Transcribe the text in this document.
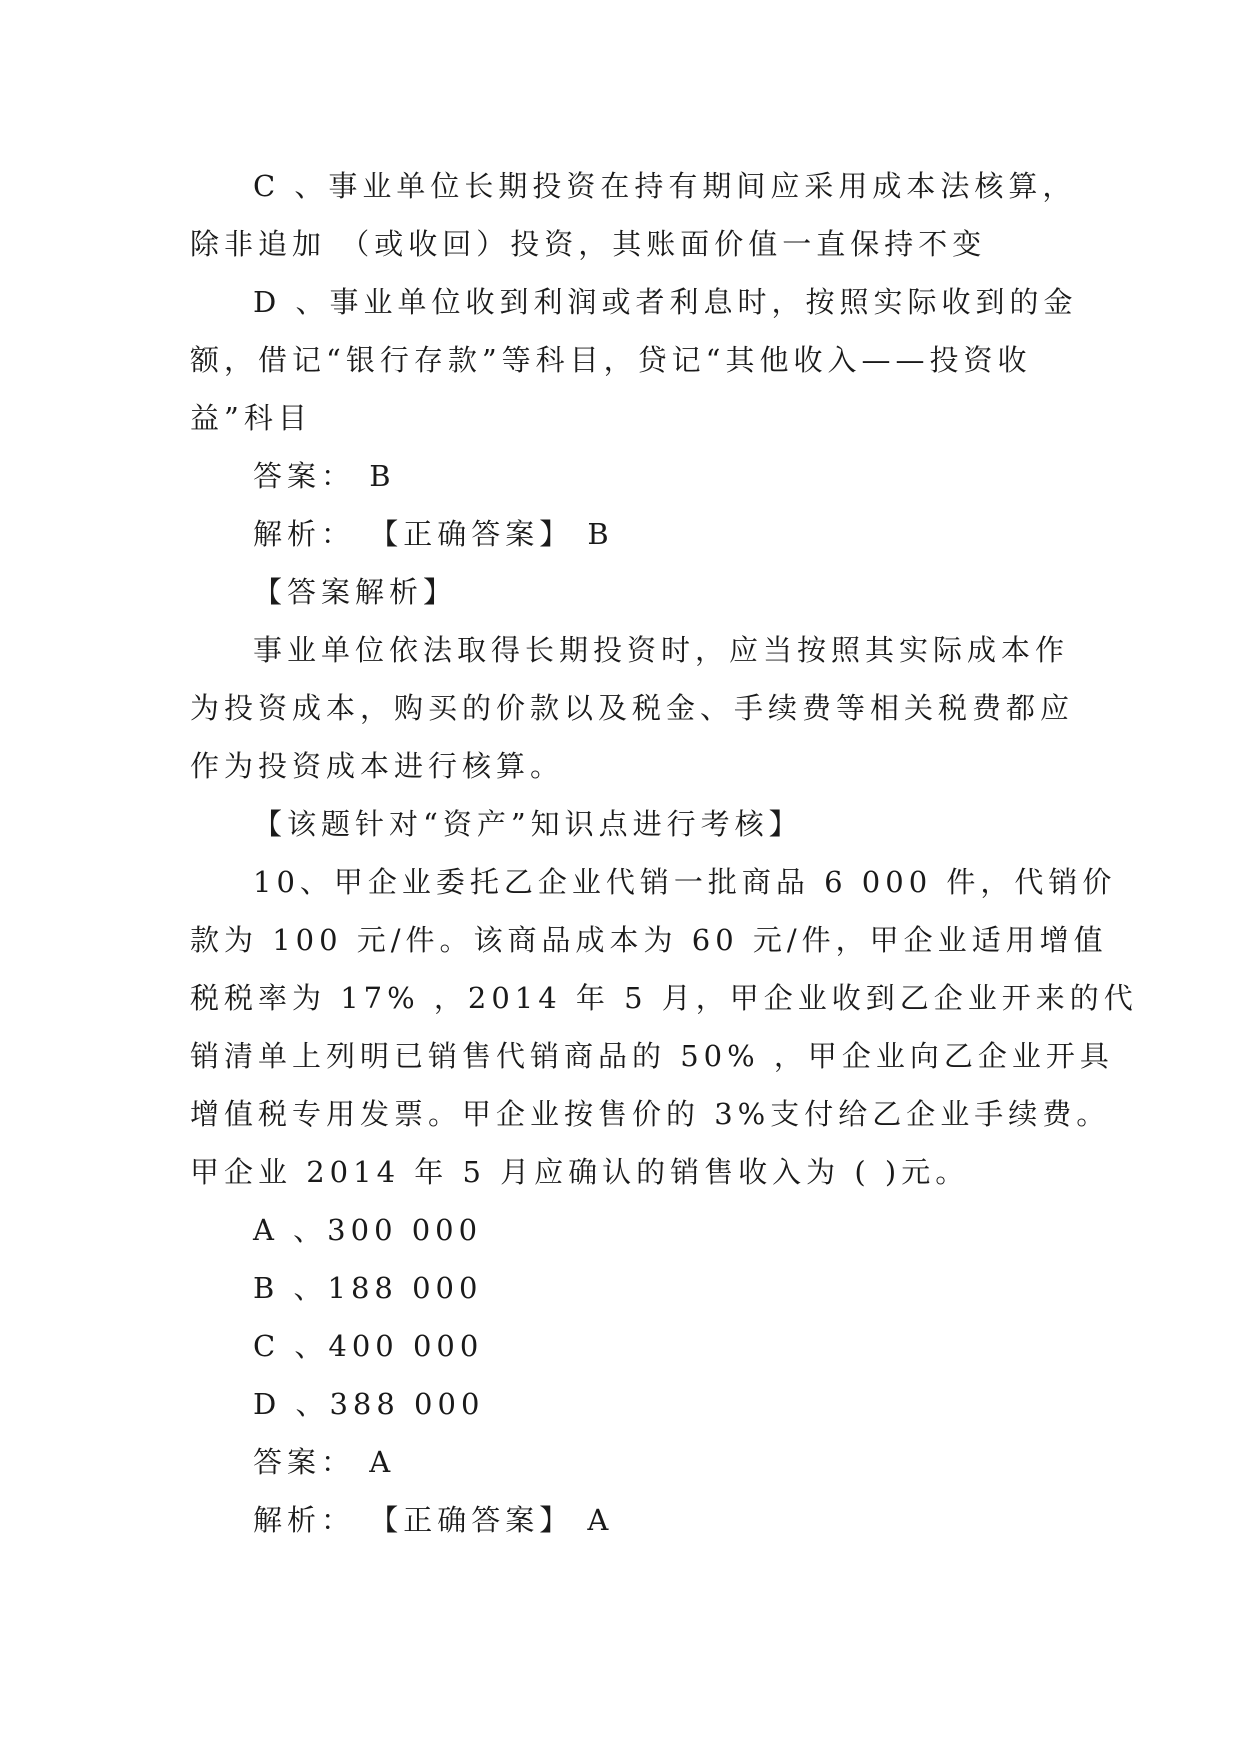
C 、事业单位长期投资在持有期间应采用成本法核算，
除非追加 （或收回）投资，其账面价值一直保持不变
D 、事业单位收到利润或者利息时，按照实际收到的金
额，借记“银行存款”等科目，贷记“其他收入——投资收
益”科目
答案： B
解析： 【正确答案】 B
【答案解析】
事业单位依法取得长期投资时，应当按照其实际成本作
为投资成本，购买的价款以及税金、手续费等相关税费都应
作为投资成本进行核算。
【该题针对“资产”知识点进行考核】
10、甲企业委托乙企业代销一批商品 6 000 件，代销价
款为 100 元/件。该商品成本为 60 元/件，甲企业适用增值
税税率为 17% ，2014 年 5 月，甲企业收到乙企业开来的代
销清单上列明已销售代销商品的 50% ，甲企业向乙企业开具
增值税专用发票。甲企业按售价的 3%支付给乙企业手续费。
甲企业 2014 年 5 月应确认的销售收入为 ( )元。
A 、300 000
B 、188 000
C 、400 000
D 、388 000
答案： A
解析： 【正确答案】 A
